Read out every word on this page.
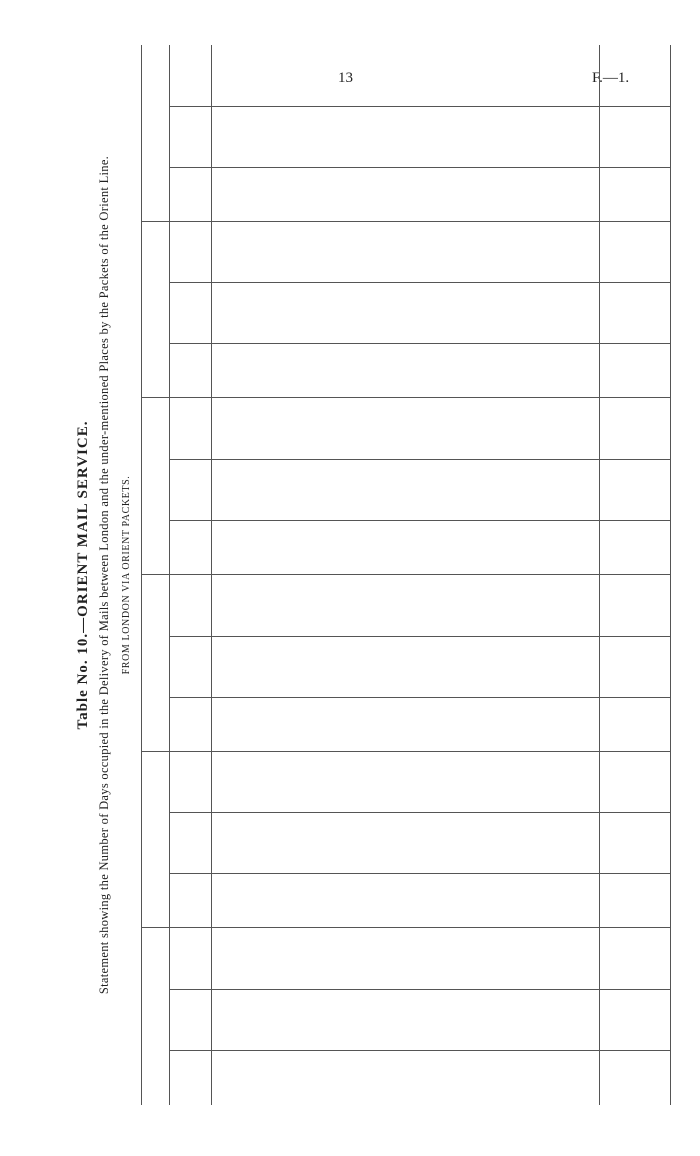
13	F.—1.
Table No. 10.—ORIENT MAIL SERVICE. Statement showing the Number of Days occupied in the Delivery of Mails between London and the under-mentioned Places by the Packets of the Orient Line. FROM LONDON VIA ORIENT PACKETS.
